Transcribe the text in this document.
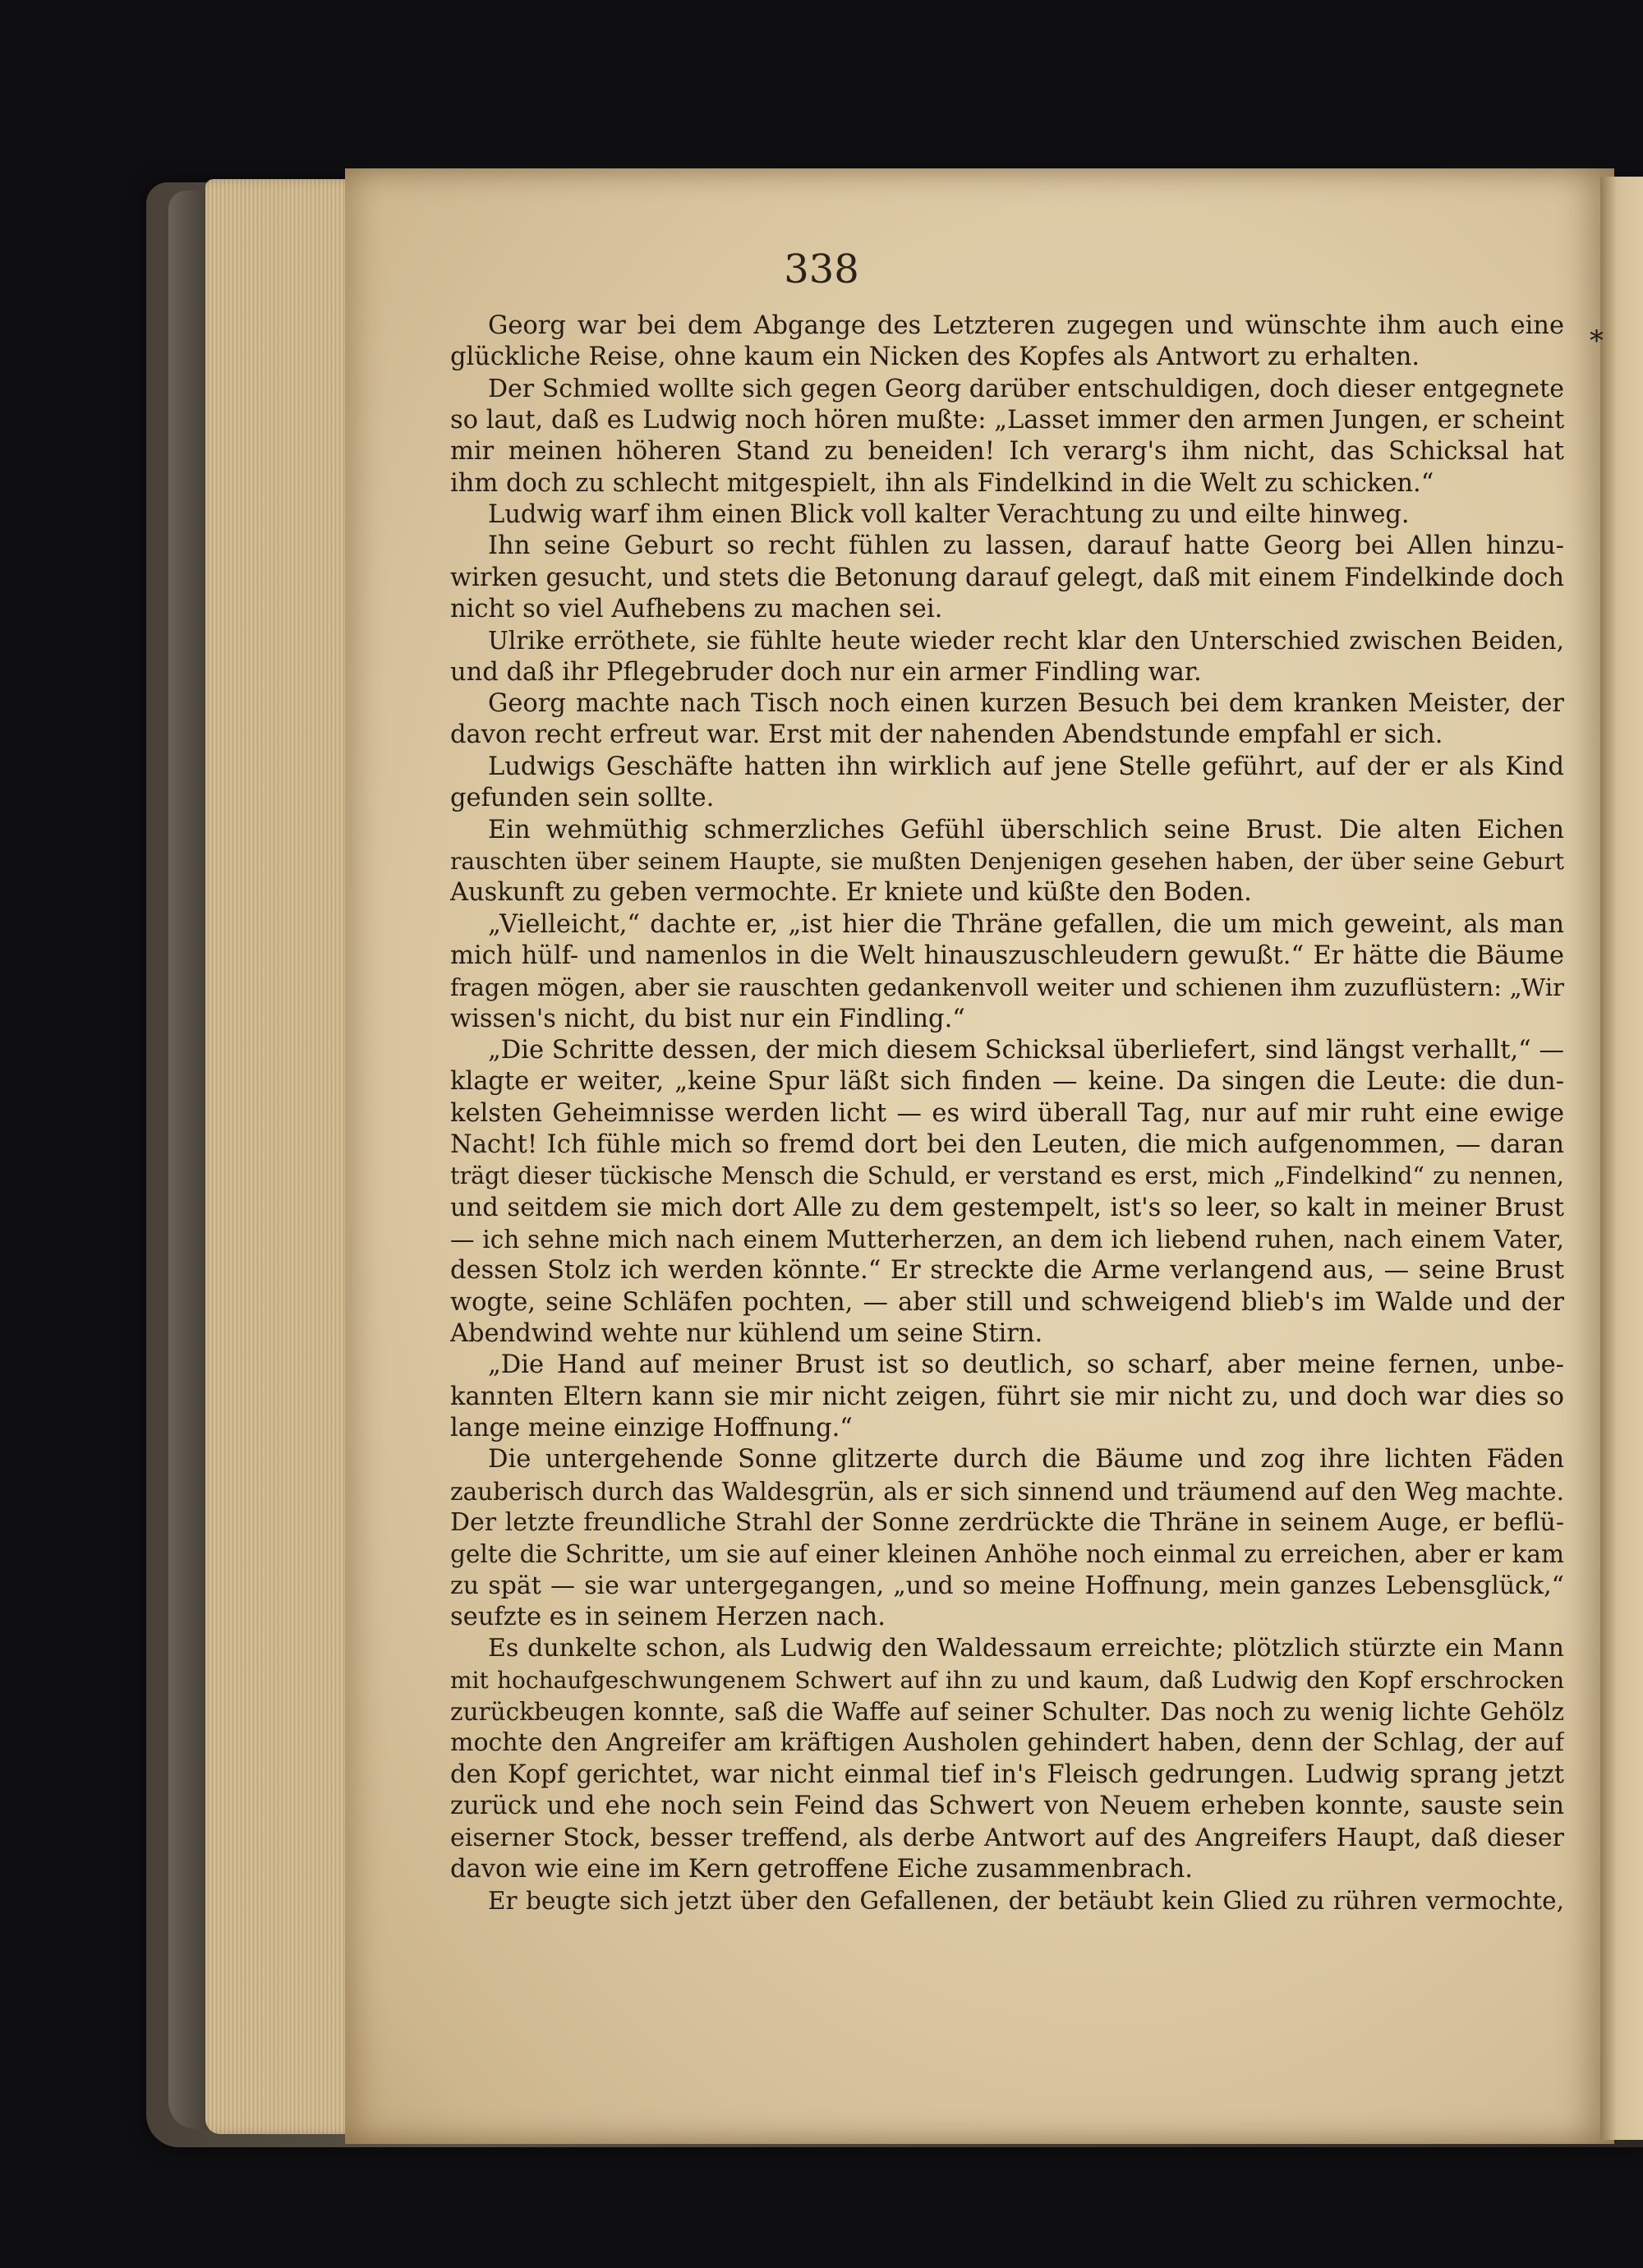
338
*
Georg war bei dem Abgange des Letzteren zugegen und wünschte ihm auch eine
glückliche Reise, ohne kaum ein Nicken des Kopfes als Antwort zu erhalten.
Der Schmied wollte sich gegen Georg darüber entschuldigen, doch dieser entgegnete
so laut, daß es Ludwig noch hören mußte: „Lasset immer den armen Jungen, er scheint
mir meinen höheren Stand zu beneiden! Ich verarg's ihm nicht, das Schicksal hat
ihm doch zu schlecht mitgespielt, ihn als Findelkind in die Welt zu schicken.“
Ludwig warf ihm einen Blick voll kalter Verachtung zu und eilte hinweg.
Ihn seine Geburt so recht fühlen zu lassen, darauf hatte Georg bei Allen hinzu-
wirken gesucht, und stets die Betonung darauf gelegt, daß mit einem Findelkinde doch
nicht so viel Aufhebens zu machen sei.
Ulrike erröthete, sie fühlte heute wieder recht klar den Unterschied zwischen Beiden,
und daß ihr Pflegebruder doch nur ein armer Findling war.
Georg machte nach Tisch noch einen kurzen Besuch bei dem kranken Meister, der
davon recht erfreut war. Erst mit der nahenden Abendstunde empfahl er sich.
Ludwigs Geschäfte hatten ihn wirklich auf jene Stelle geführt, auf der er als Kind
gefunden sein sollte.
Ein wehmüthig schmerzliches Gefühl überschlich seine Brust. Die alten Eichen
rauschten über seinem Haupte, sie mußten Denjenigen gesehen haben, der über seine Geburt
Auskunft zu geben vermochte. Er kniete und küßte den Boden.
„Vielleicht,“ dachte er, „ist hier die Thräne gefallen, die um mich geweint, als man
mich hülf- und namenlos in die Welt hinauszuschleudern gewußt.“ Er hätte die Bäume
fragen mögen, aber sie rauschten gedankenvoll weiter und schienen ihm zuzuflüstern: „Wir
wissen's nicht, du bist nur ein Findling.“
„Die Schritte dessen, der mich diesem Schicksal überliefert, sind längst verhallt,“ —
klagte er weiter, „keine Spur läßt sich finden — keine. Da singen die Leute: die dun-
kelsten Geheimnisse werden licht — es wird überall Tag, nur auf mir ruht eine ewige
Nacht! Ich fühle mich so fremd dort bei den Leuten, die mich aufgenommen, — daran
trägt dieser tückische Mensch die Schuld, er verstand es erst, mich „Findelkind“ zu nennen,
und seitdem sie mich dort Alle zu dem gestempelt, ist's so leer, so kalt in meiner Brust
— ich sehne mich nach einem Mutterherzen, an dem ich liebend ruhen, nach einem Vater,
dessen Stolz ich werden könnte.“ Er streckte die Arme verlangend aus, — seine Brust
wogte, seine Schläfen pochten, — aber still und schweigend blieb's im Walde und der
Abendwind wehte nur kühlend um seine Stirn.
„Die Hand auf meiner Brust ist so deutlich, so scharf, aber meine fernen, unbe-
kannten Eltern kann sie mir nicht zeigen, führt sie mir nicht zu, und doch war dies so
lange meine einzige Hoffnung.“
Die untergehende Sonne glitzerte durch die Bäume und zog ihre lichten Fäden
zauberisch durch das Waldesgrün, als er sich sinnend und träumend auf den Weg machte.
Der letzte freundliche Strahl der Sonne zerdrückte die Thräne in seinem Auge, er beflü-
gelte die Schritte, um sie auf einer kleinen Anhöhe noch einmal zu erreichen, aber er kam
zu spät — sie war untergegangen, „und so meine Hoffnung, mein ganzes Lebensglück,“
seufzte es in seinem Herzen nach.
Es dunkelte schon, als Ludwig den Waldessaum erreichte; plötzlich stürzte ein Mann
mit hochaufgeschwungenem Schwert auf ihn zu und kaum, daß Ludwig den Kopf erschrocken
zurückbeugen konnte, saß die Waffe auf seiner Schulter. Das noch zu wenig lichte Gehölz
mochte den Angreifer am kräftigen Ausholen gehindert haben, denn der Schlag, der auf
den Kopf gerichtet, war nicht einmal tief in's Fleisch gedrungen. Ludwig sprang jetzt
zurück und ehe noch sein Feind das Schwert von Neuem erheben konnte, sauste sein
eiserner Stock, besser treffend, als derbe Antwort auf des Angreifers Haupt, daß dieser
davon wie eine im Kern getroffene Eiche zusammenbrach.
Er beugte sich jetzt über den Gefallenen, der betäubt kein Glied zu rühren vermochte,
